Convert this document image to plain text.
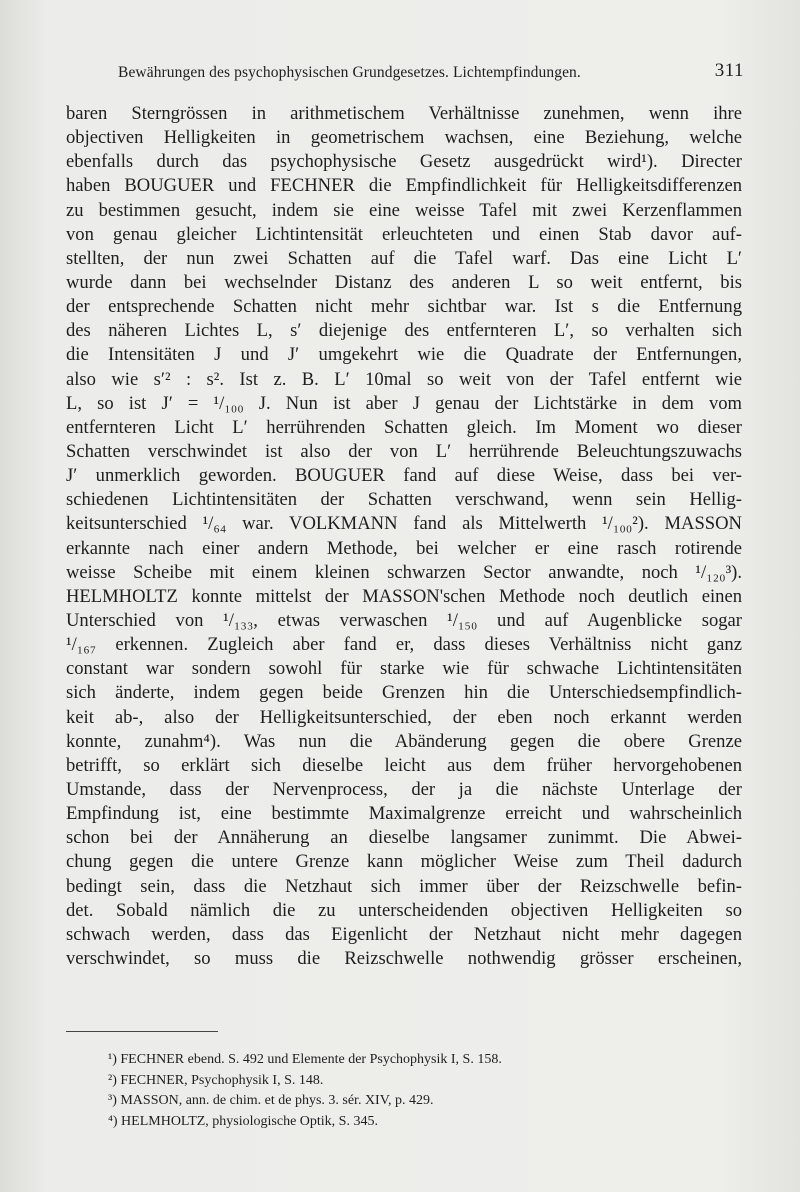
Bewährungen des psychophysischen Grundgesetzes. Lichtempfindungen.	311
baren Sterngrössen in arithmetischem Verhältnisse zunehmen, wenn ihre
objectiven Helligkeiten in geometrischem wachsen, eine Beziehung, welche
ebenfalls durch das psychophysische Gesetz ausgedrückt wird¹). Directer
haben BOUGUER und FECHNER die Empfindlichkeit für Helligkeitsdifferenzen
zu bestimmen gesucht, indem sie eine weisse Tafel mit zwei Kerzenflammen
von genau gleicher Lichtintensität erleuchteten und einen Stab davor auf-
stellten, der nun zwei Schatten auf die Tafel warf. Das eine Licht L′
wurde dann bei wechselnder Distanz des anderen L so weit entfernt, bis
der entsprechende Schatten nicht mehr sichtbar war. Ist s die Entfernung
des näheren Lichtes L, s′ diejenige des entfernteren L′, so verhalten sich
die Intensitäten J und J′ umgekehrt wie die Quadrate der Entfernungen,
also wie s′² : s². Ist z. B. L′ 10mal so weit von der Tafel entfernt wie
L, so ist J′ = ¹/₁₀₀ J. Nun ist aber J genau der Lichtstärke in dem vom
entfernteren Licht L′ herrührenden Schatten gleich. Im Moment wo dieser
Schatten verschwindet ist also der von L′ herrührende Beleuchtungszuwachs
J′ unmerklich geworden. BOUGUER fand auf diese Weise, dass bei ver-
schiedenen Lichtintensitäten der Schatten verschwand, wenn sein Hellig-
keitsunterschied ¹/₆₄ war. VOLKMANN fand als Mittelwerth ¹/₁₀₀²). MASSON
erkannte nach einer andern Methode, bei welcher er eine rasch rotirende
weisse Scheibe mit einem kleinen schwarzen Sector anwandte, noch ¹/₁₂₀³).
HELMHOLTZ konnte mittelst der MASSON'schen Methode noch deutlich einen
Unterschied von ¹/₁₃₃, etwas verwaschen ¹/₁₅₀ und auf Augenblicke sogar
¹/₁₆₇ erkennen. Zugleich aber fand er, dass dieses Verhältniss nicht ganz
constant war sondern sowohl für starke wie für schwache Lichtintensitäten
sich änderte, indem gegen beide Grenzen hin die Unterschiedsempfindlich-
keit ab-, also der Helligkeitsunterschied, der eben noch erkannt werden
konnte, zunahm⁴). Was nun die Abänderung gegen die obere Grenze
betrifft, so erklärt sich dieselbe leicht aus dem früher hervorgehobenen
Umstande, dass der Nervenprocess, der ja die nächste Unterlage der
Empfindung ist, eine bestimmte Maximalgrenze erreicht und wahrscheinlich
schon bei der Annäherung an dieselbe langsamer zunimmt. Die Abwei-
chung gegen die untere Grenze kann möglicher Weise zum Theil dadurch
bedingt sein, dass die Netzhaut sich immer über der Reizschwelle befin-
det. Sobald nämlich die zu unterscheidenden objectiven Helligkeiten so
schwach werden, dass das Eigenlicht der Netzhaut nicht mehr dagegen
verschwindet, so muss die Reizschwelle nothwendig grösser erscheinen,
¹) FECHNER ebend. S. 492 und Elemente der Psychophysik I, S. 158.
²) FECHNER, Psychophysik I, S. 148.
³) MASSON, ann. de chim. et de phys. 3. sér. XIV, p. 429.
⁴) HELMHOLTZ, physiologische Optik, S. 345.
